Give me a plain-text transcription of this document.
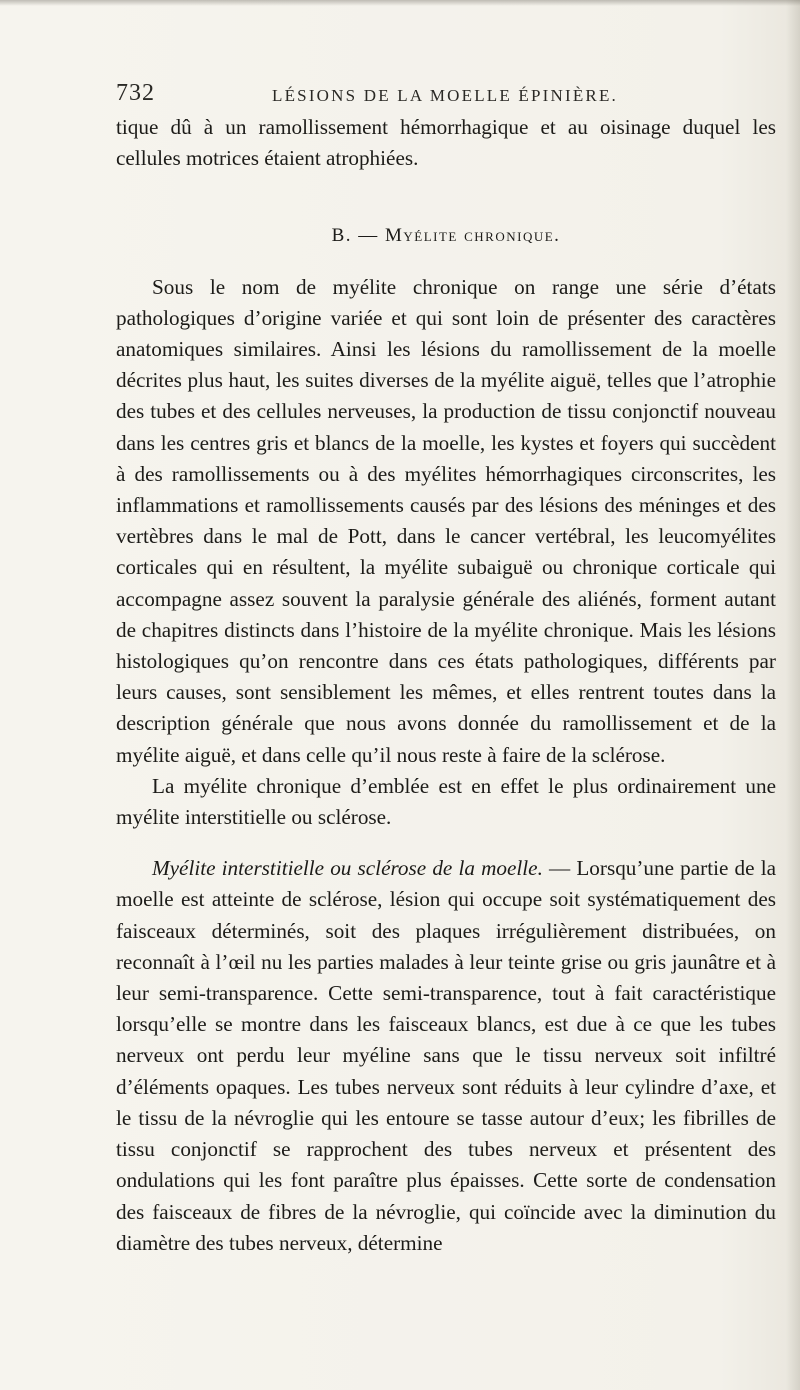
732	LÉSIONS DE LA MOELLE ÉPINIÈRE.

tique dû à un ramollissement hémorrhagique et au oisinage duquel les cellules motrices étaient atrophiées.

B. — Myélite chronique.

Sous le nom de myélite chronique on range une série d’états pathologiques d’origine variée et qui sont loin de présenter des caractères anatomiques similaires. Ainsi les lésions du ramollissement de la moelle décrites plus haut, les suites diverses de la myélite aiguë, telles que l’atrophie des tubes et des cellules nerveuses, la production de tissu conjonctif nouveau dans les centres gris et blancs de la moelle, les kystes et foyers qui succèdent à des ramollissements ou à des myélites hémorrhagiques circonscrites, les inflammations et ramollissements causés par des lésions des méninges et des vertèbres dans le mal de Pott, dans le cancer vertébral, les leucomyélites corticales qui en résultent, la myélite subaiguë ou chronique corticale qui accompagne assez souvent la paralysie générale des aliénés, forment autant de chapitres distincts dans l’histoire de la myélite chronique. Mais les lésions histologiques qu’on rencontre dans ces états pathologiques, différents par leurs causes, sont sensiblement les mêmes, et elles rentrent toutes dans la description générale que nous avons donnée du ramollissement et de la myélite aiguë, et dans celle qu’il nous reste à faire de la sclérose.

La myélite chronique d’emblée est en effet le plus ordinairement une myélite interstitielle ou sclérose.

Myélite interstitielle ou sclérose de la moelle. — Lorsqu’une partie de la moelle est atteinte de sclérose, lésion qui occupe soit systématiquement des faisceaux déterminés, soit des plaques irrégulièrement distribuées, on reconnaît à l’œil nu les parties malades à leur teinte grise ou gris jaunâtre et à leur semi-transparence. Cette semi-transparence, tout à fait caractéristique lorsqu’elle se montre dans les faisceaux blancs, est due à ce que les tubes nerveux ont perdu leur myéline sans que le tissu nerveux soit infiltré d’éléments opaques. Les tubes nerveux sont réduits à leur cylindre d’axe, et le tissu de la névroglie qui les entoure se tasse autour d’eux; les fibrilles de tissu conjonctif se rapprochent des tubes nerveux et présentent des ondulations qui les font paraître plus épaisses. Cette sorte de condensation des faisceaux de fibres de la névroglie, qui coïncide avec la diminution du diamètre des tubes nerveux, détermine
